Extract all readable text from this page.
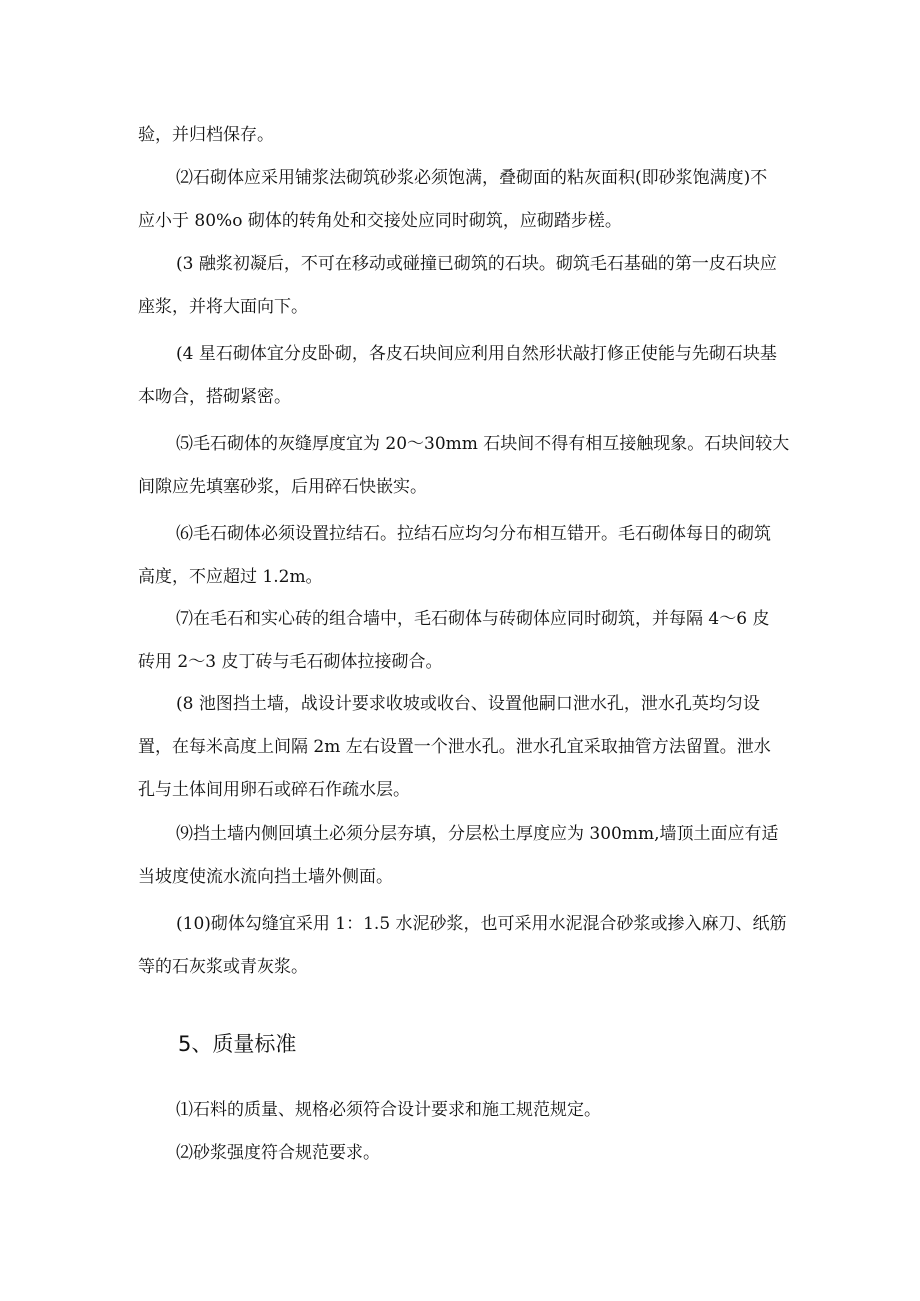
验，并归档保存。

⑵石砌体应采用铺浆法砌筑砂浆必须饱满，叠砌面的粘灰面积(即砂浆饱满度)不
应小于 80%o 砌体的转角处和交接处应同时砌筑，应砌踏步槎。

(3 融浆初凝后，不可在移动或碰撞已砌筑的石块。砌筑毛石基础的第一皮石块应
座浆，并将大面向下。

(4 星石砌体宜分皮卧砌，各皮石块间应利用自然形状敲打修正使能与先砌石块基
本吻合，搭砌紧密。

⑸毛石砌体的灰缝厚度宜为 20〜30mm 石块间不得有相互接触现象。石块间较大
间隙应先填塞砂浆，后用碎石快嵌实。

⑹毛石砌体必须设置拉结石。拉结石应均匀分布相互错开。毛石砌体每日的砌筑
高度，不应超过 1.2m。

⑺在毛石和实心砖的组合墙中，毛石砌体与砖砌体应同时砌筑，并每隔 4〜6 皮
砖用 2〜3 皮丁砖与毛石砌体拉接砌合。

(8 池图挡土墙，战设计要求收坡或收台、设置他嗣口泄水孔，泄水孔英均匀设
置，在每米高度上间隔 2m 左右设置一个泄水孔。泄水孔宜采取抽管方法留置。泄水
孔与土体间用卵石或碎石作疏水层。

⑼挡土墙内侧回填土必须分层夯填，分层松土厚度应为 300mm,墙顶土面应有适
当坡度使流水流向挡土墙外侧面。

(10)砌体勾缝宜采用 1：1.5 水泥砂浆，也可采用水泥混合砂浆或掺入麻刀、纸筋
等的石灰浆或青灰浆。

5、质量标准

⑴石料的质量、规格必须符合设计要求和施工规范规定。

⑵砂浆强度符合规范要求。
